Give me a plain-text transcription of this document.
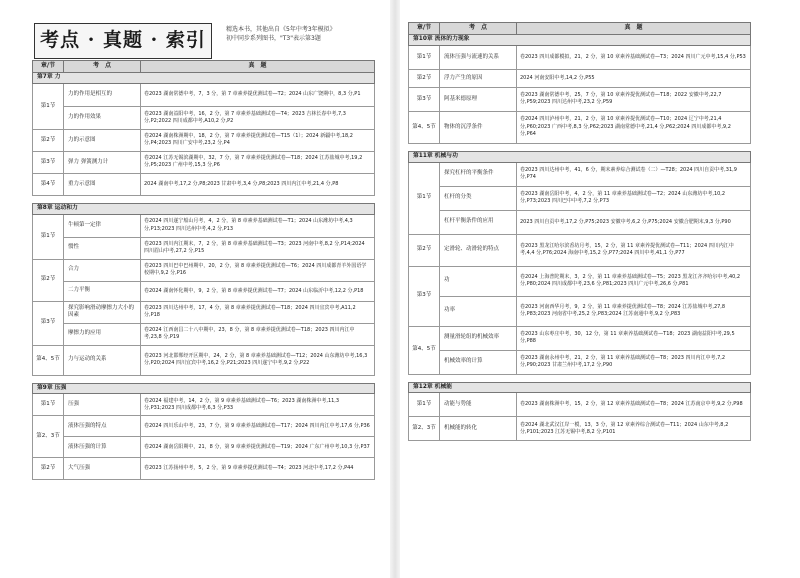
考点 · 真题 · 索引	精选本书，其他出自《5年中考3年模拟》
初中同步系列图书，"T3"表示第3题
章/节	考　点	真　题
第7章 力		
第1节	力的作用是相互的	卷2023 湖南常德中考，7，3 分，第 7 章素养提优测试卷—T2；2024 山东广饶期中，8,3 分,P1
	力的作用效果	卷2023 湖南益阳中考，16，2 分，第 7 章素养基础测试卷—T4；2023 吉林长春中考,7,3 分,P2;2022 四川成都中考,A10,2 分,P2
第2节	力的示意图	卷2024 湖南株洲期中，18，2 分，第 7 章素养提优测试卷—T15（1）；2024 新疆中考,18,2 分,P4;2023 四川广安中考,23,2 分,P4
第3节	弹力 弹簧测力计	卷2024 江苏无锡滨湖期中，32，7 分，第 7 章素养提优测试卷—T18；2024 江苏盐城中考,19,2 分,P5;2023 广州中考,15,3 分,P6
第4节	重力示意图	2024 湖南中考,17,2 分,P8;2023 甘肃中考,3,4 分,P8;2023 四川内江中考,21,4 分,P8

第8章 运动和力		
第1节	牛顿第一定律	卷2024 四川遂宁船山月考，4，2 分，第 8 章素养基础测试卷—T1；2024 山东潍坊中考,4,3 分,P13;2023 四川达州中考,4,2 分,P13
	惯性	卷2023 四川内江期末，7，2 分，第 8 章素养基础测试卷—T3；2023 河南中考,8,2 分,P14;2024 四川眉山中考,27,2 分,P15
第2节	合力	卷2023 四川巴中巴州期中，20，2 分，第 8 章素养提优测试卷—T6；2024 四川成都青羊外国语学校期中,9,2 分,P16
	二力平衡	卷2024 湖南怀化期中，9，2 分，第 8 章素养提优测试卷—T7；2024 山东临沂中考,12,2 分,P18
第3节	探究影响滑动摩擦力大小的因素	卷2023 四川达州中考，17，4 分，第 8 章素养提优测试卷—T18；2024 四川宜宾中考,A11,2 分,P18
	摩擦力的应用	卷2024 江西南昌二十八中期中，23，8 分，第 8 章素养提优测试卷—T18；2023 四川内江中考,23,8 分,P19
第4、5节	力与运动的关系	卷2023 河北邯郸经开区期中，24，2 分，第 8 章素养基础测试卷—T12；2024 山东潍坊中考,16,3 分,P20;2024 四川宜宾中考,16,2 分,P21;2023 四川遂宁中考,9,2 分,P22

第9章 压强		
第1节	压强	卷2024 福建中考，14，2 分，第 9 章素养基础测试卷—T6；2023 湖南株洲中考,11,3 分,P31;2023 四川成都中考,6,3 分,P33
第2、3节	液体压强的特点	卷2024 四川乐山中考，23，7 分，第 9 章素养基础测试卷—T17；2024 四川内江中考,17,6 分,P36
	液体压强的计算	卷2024 湖南岳阳期中，21，8 分，第 9 章素养提优测试卷—T19；2024 广东广州中考,10,3 分,P37
第2节	大气压强	卷2023 江苏扬州中考，5，2 分，第 9 章素养提优测试卷—T4；2023 河北中考,17,2 分,P44
章/节	考　点	真　题
第10章 流体的力现象		
第1节	流体压强与流速的关系	卷2023 四川成都模拟，21，2 分，第 10 章素养基础测试卷—T3；2024 四川广元中考,15,4 分,P53
第2节	浮力产生的原因	2024 河南安阳中考,14,2 分,P55
第3节	阿基米德原理	卷2023 湖南常德中考，25，7 分，第 10 章素养提优测试卷—T18；2022 安徽中考,22,7 分,P59;2023 四川达州中考,23,2 分,P59
第4、5节	物体的沉浮条件	卷2024 四川泸州中考，21，2 分，第 10 章素养提优测试卷—T10；2024 辽宁中考,21,4 分,P60;2023 广西中考,8,3 分,P62;2023 湖南常德中考,21,4 分,P62;2024 四川成都中考,9,2 分,P64

第11章 机械与功		
第1节	探究杠杆的平衡条件	卷2023 四川达州中考，41，6 分，期末素养综合测试卷（二）—T28；2024 四川自贡中考,31,9 分,P74
	杠杆的分类	卷2023 湖南岳阳中考，4，2 分，第 11 章素养基础测试卷—T2；2024 山东潍坊中考,10,2 分,P73;2023 四川巴中中考,7,2 分,P73
	杠杆平衡条件的应用	2023 四川自贡中考,17,2 分,P75;2023 安徽中考,6,2 分,P75;2024 安徽合肥期末,9,3 分,P90
第2节	定滑轮、动滑轮的特点	卷2023 黑龙江哈尔滨香坊月考，15，2 分，第 11 章素养提优测试卷—T11；2024 四川内江中考,4,4 分,P76;2024 海南中考,15,2 分,P77;2024 四川中考,41,1 分,P77
第3节	功	卷2024 上海普陀期末，3，2 分，第 11 章素养基础测试卷—T5；2023 黑龙江齐齐哈尔中考,40,2 分,P80;2024 四川成都中考,23,6 分,P81;2023 四川广元中考,26,6 分,P81
	功率	卷2023 河南西华月考，9，2 分，第 11 章素养提优测试卷—T8；2024 江苏盐城中考,27,8 分,P83;2023 河南省中考,25,2 分,P83;2024 江苏南通中考,9,2 分,P83
第4、5节	测量滑轮组的机械效率	卷2023 山东枣庄中考，30，12 分，第 11 章素养基础测试卷—T18；2023 湖南益阳中考,29,5 分,P88
	机械效率的计算	卷2023 湖南永州中考，21，2 分，第 11 章素养基础测试卷—T8；2023 四川内江中考,7,2 分,P90;2023 甘肃兰州中考,17,2 分,P90

第12章 机械能		
第1节	动能与势能	卷2023 湖南株洲中考，15，2 分，第 12 章素养基础测试卷—T8；2024 江苏南京中考,9,2 分,P98
第2、3节	机械能的转化	卷2024 湖北武汉江岸一模，13，3 分，第 12 章素养综合测试卷—T11；2024 山东中考,8,2 分,P101;2023 江苏无锡中考,8,2 分,P101
